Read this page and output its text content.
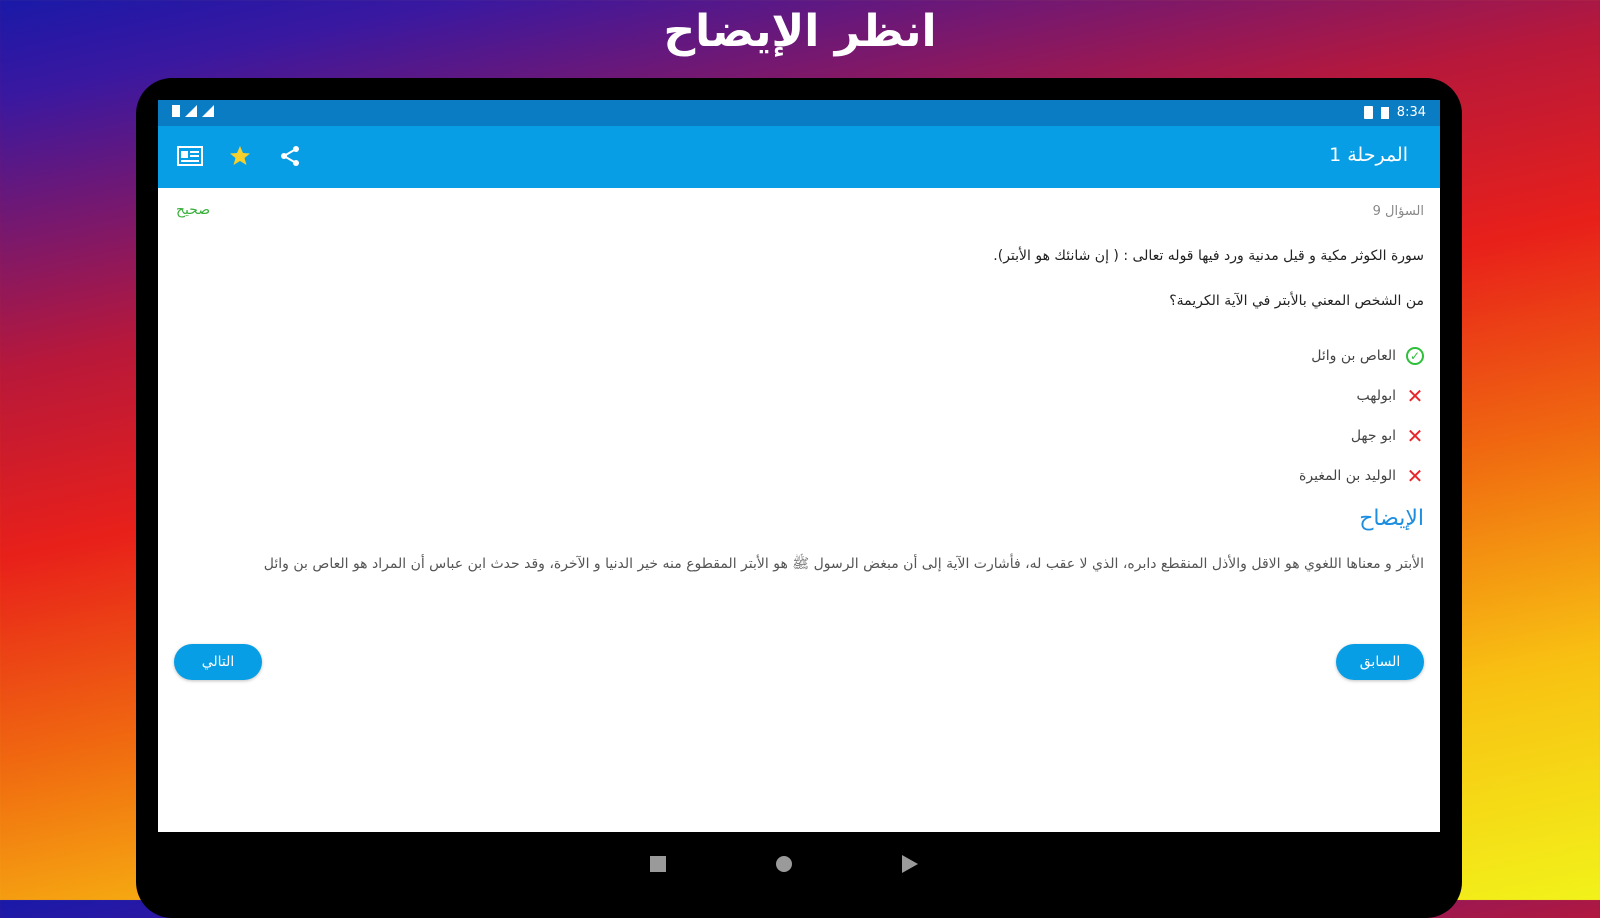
انظر الإيضاح
8:34
المرحلة 1
السؤال 9
صحيح
سورة الكوثر مكية و قيل مدنية ورد فيها قوله تعالى : ( إن شانئك هو الأبتر).
من الشخص المعني بالأبتر في الآية الكريمة؟
✓
العاص بن وائل
✕
ابولهب
✕
ابو جهل
✕
الوليد بن المغيرة
الإيضاح
الأبتر و معناها اللغوي هو الاقل والأذل المنقطع دابره، الذي لا عقب له، فأشارت الآية إلى أن مبغض الرسول ﷺ هو الأبتر المقطوع منه خير الدنيا و الآخرة، وقد حدث ابن عباس أن المراد هو العاص بن وائل
السابق
التالي
